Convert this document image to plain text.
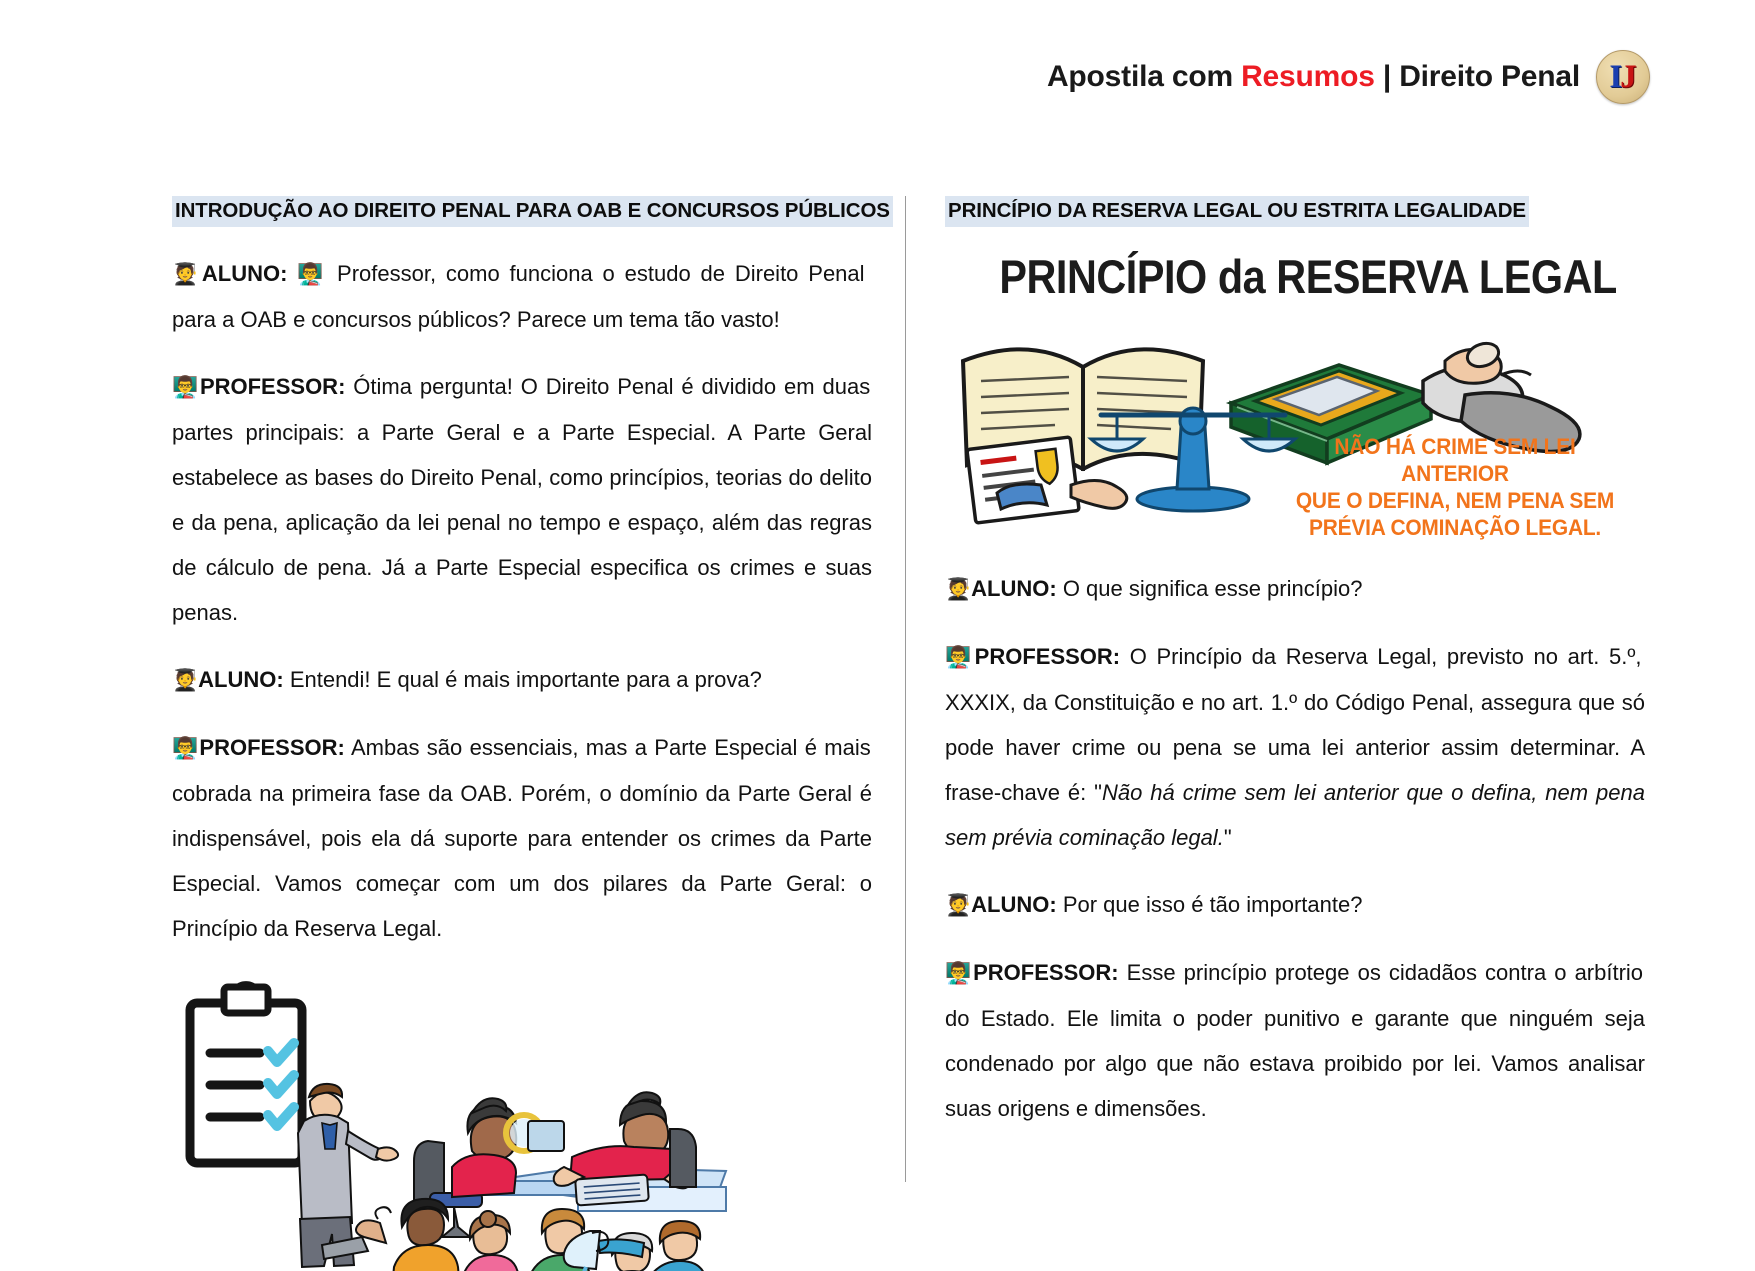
Apostila com Resumos | Direito Penal I
J
INTRODUÇÃO AO DIREITO PENAL PARA OAB E CONCURSOS PÚBLICOS

🧑‍🎓ALUNO: 👨‍🏫 Professor, como funciona o estudo de Direito Penal para a OAB e concursos públicos? Parece um tema tão vasto!

👨‍🏫PROFESSOR: Ótima pergunta! O Direito Penal é dividido em duas partes principais: a Parte Geral e a Parte Especial. A Parte Geral estabelece as bases do Direito Penal, como princípios, teorias do delito e da pena, aplicação da lei penal no tempo e espaço, além das regras de cálculo de pena. Já a Parte Especial especifica os crimes e suas penas.

🧑‍🎓ALUNO: Entendi! E qual é mais importante para a prova?

👨‍🏫PROFESSOR: Ambas são essenciais, mas a Parte Especial é mais cobrada na primeira fase da OAB. Porém, o domínio da Parte Geral é indispensável, pois ela dá suporte para entender os crimes da Parte Especial. Vamos começar com um dos pilares da Parte Geral: o Princípio da Reserva Legal.

PRINCÍPIO DA RESERVA LEGAL OU ESTRITA LEGALIDADE
PRINCÍPIO da RESERVA LEGAL
NÃO HÁ CRIME SEM LEI ANTERIOR
QUE O DEFINA, NEM PENA SEM
PRÉVIA COMINAÇÃO LEGAL.

🧑‍🎓ALUNO: O que significa esse princípio?

👨‍🏫PROFESSOR: O Princípio da Reserva Legal, previsto no art. 5.º, XXXIX, da Constituição e no art. 1.º do Código Penal, assegura que só pode haver crime ou pena se uma lei anterior assim determinar. A frase-chave é: "Não há crime sem lei anterior que o defina, nem pena sem prévia cominação legal."

🧑‍🎓ALUNO: Por que isso é tão importante?

👨‍🏫PROFESSOR: Esse princípio protege os cidadãos contra o arbítrio do Estado. Ele limita o poder punitivo e garante que ninguém seja condenado por algo que não estava proibido por lei. Vamos analisar suas origens e dimensões.
